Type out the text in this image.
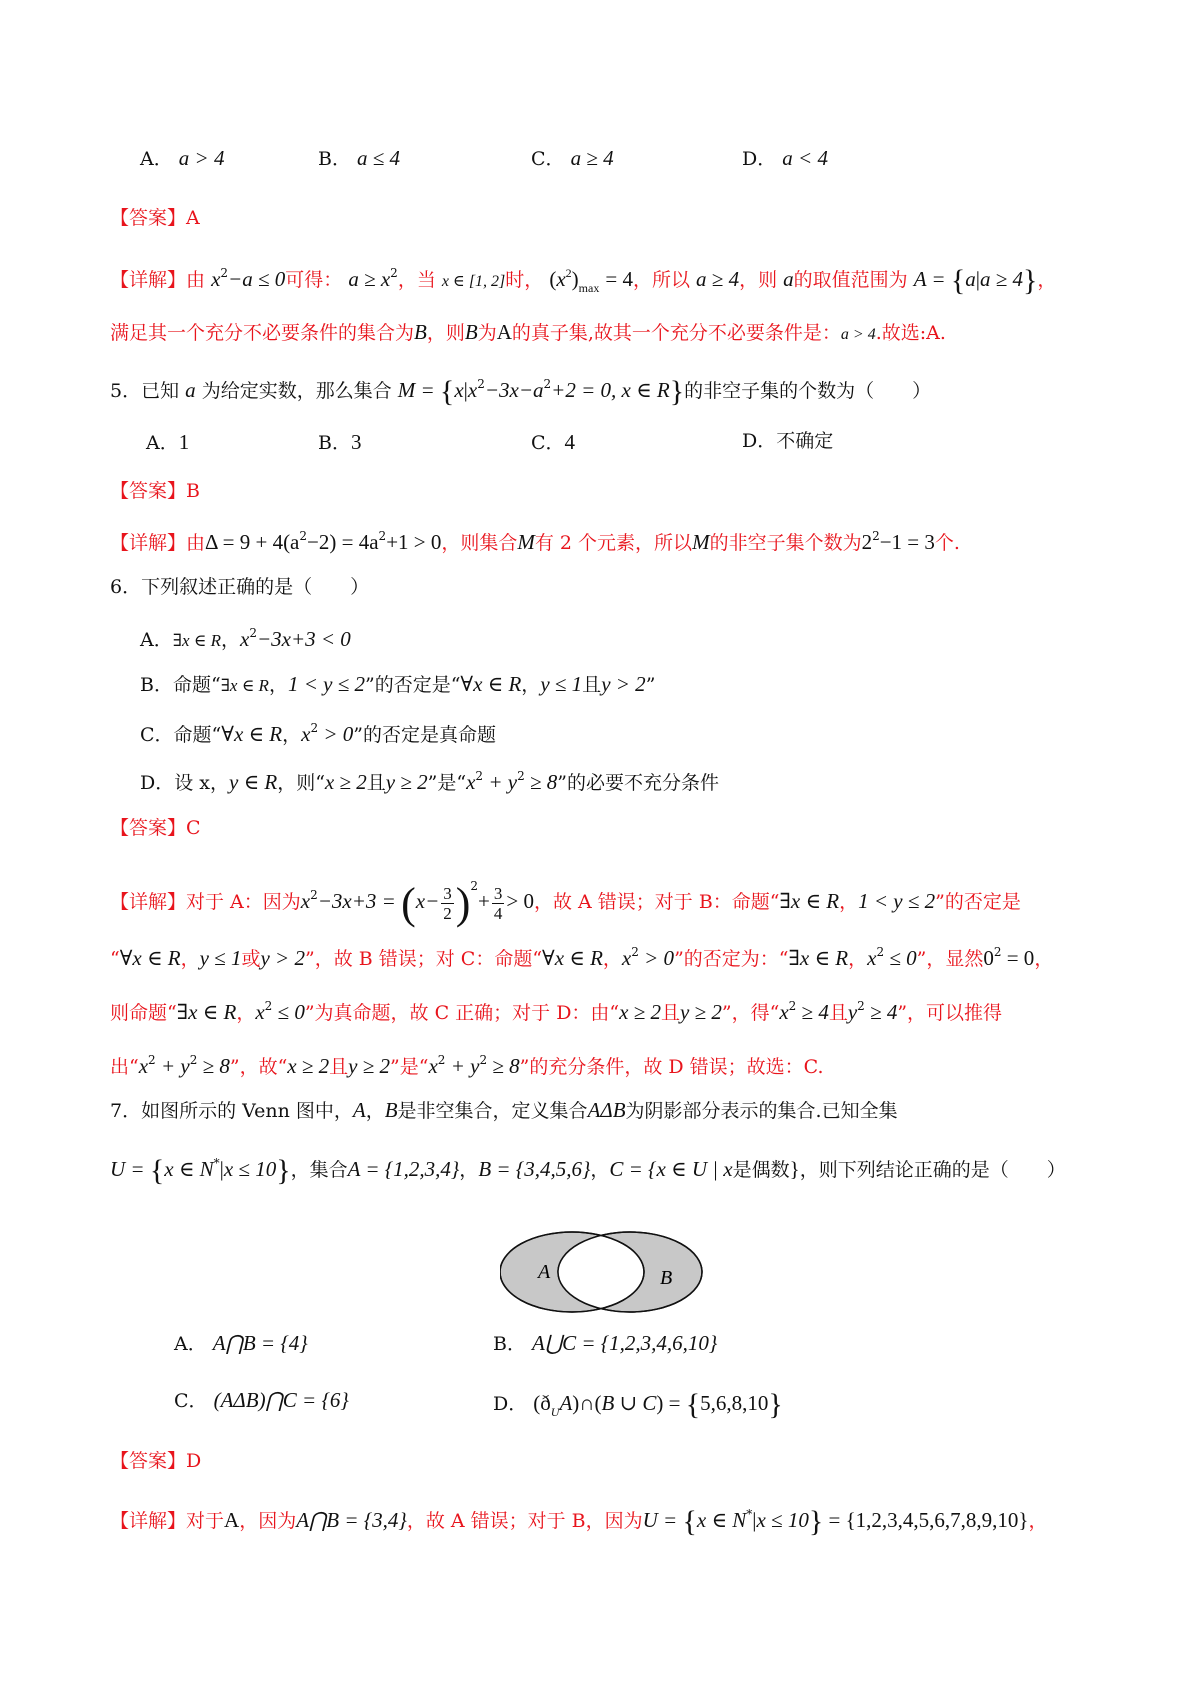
A． a > 4	B． a ≤ 4	C． a ≥ 4	D． a < 4
【答案】A
【详解】由 $x^2-a \le 0$可得： $a \ge x^2$，当 x ∈ [1, 2]时， $(x^2)_{max} = 4$，所以 a ≥ 4，则 a的取值范围为 A = {a|a ≥ 4}，
满足其一个充分不必要条件的集合为B，则B为A的真子集,故其一个充分不必要条件是：a > 4.故选:A.
5．已知 a 为给定实数，那么集合 $M = \{x|x^2-3x-a^2+2 = 0$, x ∈ R}的非空子集的个数为（　　）
A．1	B．3	C．4	D．不确定
【答案】B
【详解】由$\Delta = 9 + 4(a^2-2) = 4a^2+1 > 0$，则集合M有 2 个元素，所以M的非空子集个数为$2^2-1 = 3$个.
6．下列叙述正确的是（　　）
A．∃x ∈ R，$x^2-3x+3 < 0$
B．命题“∃x ∈ R，1 < y ≤ 2”的否定是“∀x ∈ R，y ≤ 1且y > 2”
C．命题“∀x ∈ R，$x^2 > 0$”的否定是真命题
D．设 x，y ∈ R，则“x ≥ 2且y ≥ 2”是“$x^2 + y^2 \ge 8$”的必要不充分条件
【答案】C
【详解】对于 A：因为$x^2-3x+3 = (x- \frac{3}{2} )^2+ \frac{3}{4} > 0$，故 A 错误；对于 B：命题“∃x ∈ R，1 < y ≤ 2”的否定是
“∀x ∈ R，y ≤ 1或y > 2”，故 B 错误；对 C：命题“∀x ∈ R，$x^2 > 0$”的否定为：“∃x ∈ R，$x^2 \le 0$”，显然$0^2 = 0$，
则命题“∃x ∈ R，$x^2 \le 0$”为真命题，故 C 正确；对于 D：由“x ≥ 2且y ≥ 2”，得“$x^2 \ge 4$且$y^2 \ge 4$”，可以推得
出“$x^2 + y^2 \ge 8$”，故“x ≥ 2且y ≥ 2”是“$x^2 + y^2 \ge 8$”的充分条件，故 D 错误；故选：C.
7．如图所示的 Venn 图中，A，B是非空集合，定义集合AΔB为阴影部分表示的集合.已知全集
U = {x ∈ N*|x ≤ 10}，集合A = {1,2,3,4}，B = {3,4,5,6}，C = {x ∈ U | x是偶数}，则下列结论正确的是（　　）
A	B
A． A⋂B = {4}	B． A⋃C = {1,2,3,4,6,10}
C． (AΔB)⋂C = {6}	D． $(ð_UA)\cap(B$ ∪ C) = {5,6,8,10}
【答案】D
【详解】对于A，因为A⋂B = {3,4}，故 A 错误；对于 B，因为U = {x ∈ N*|x ≤ 10} = {1,2,3,4,5,6,7,8,9,10}，
